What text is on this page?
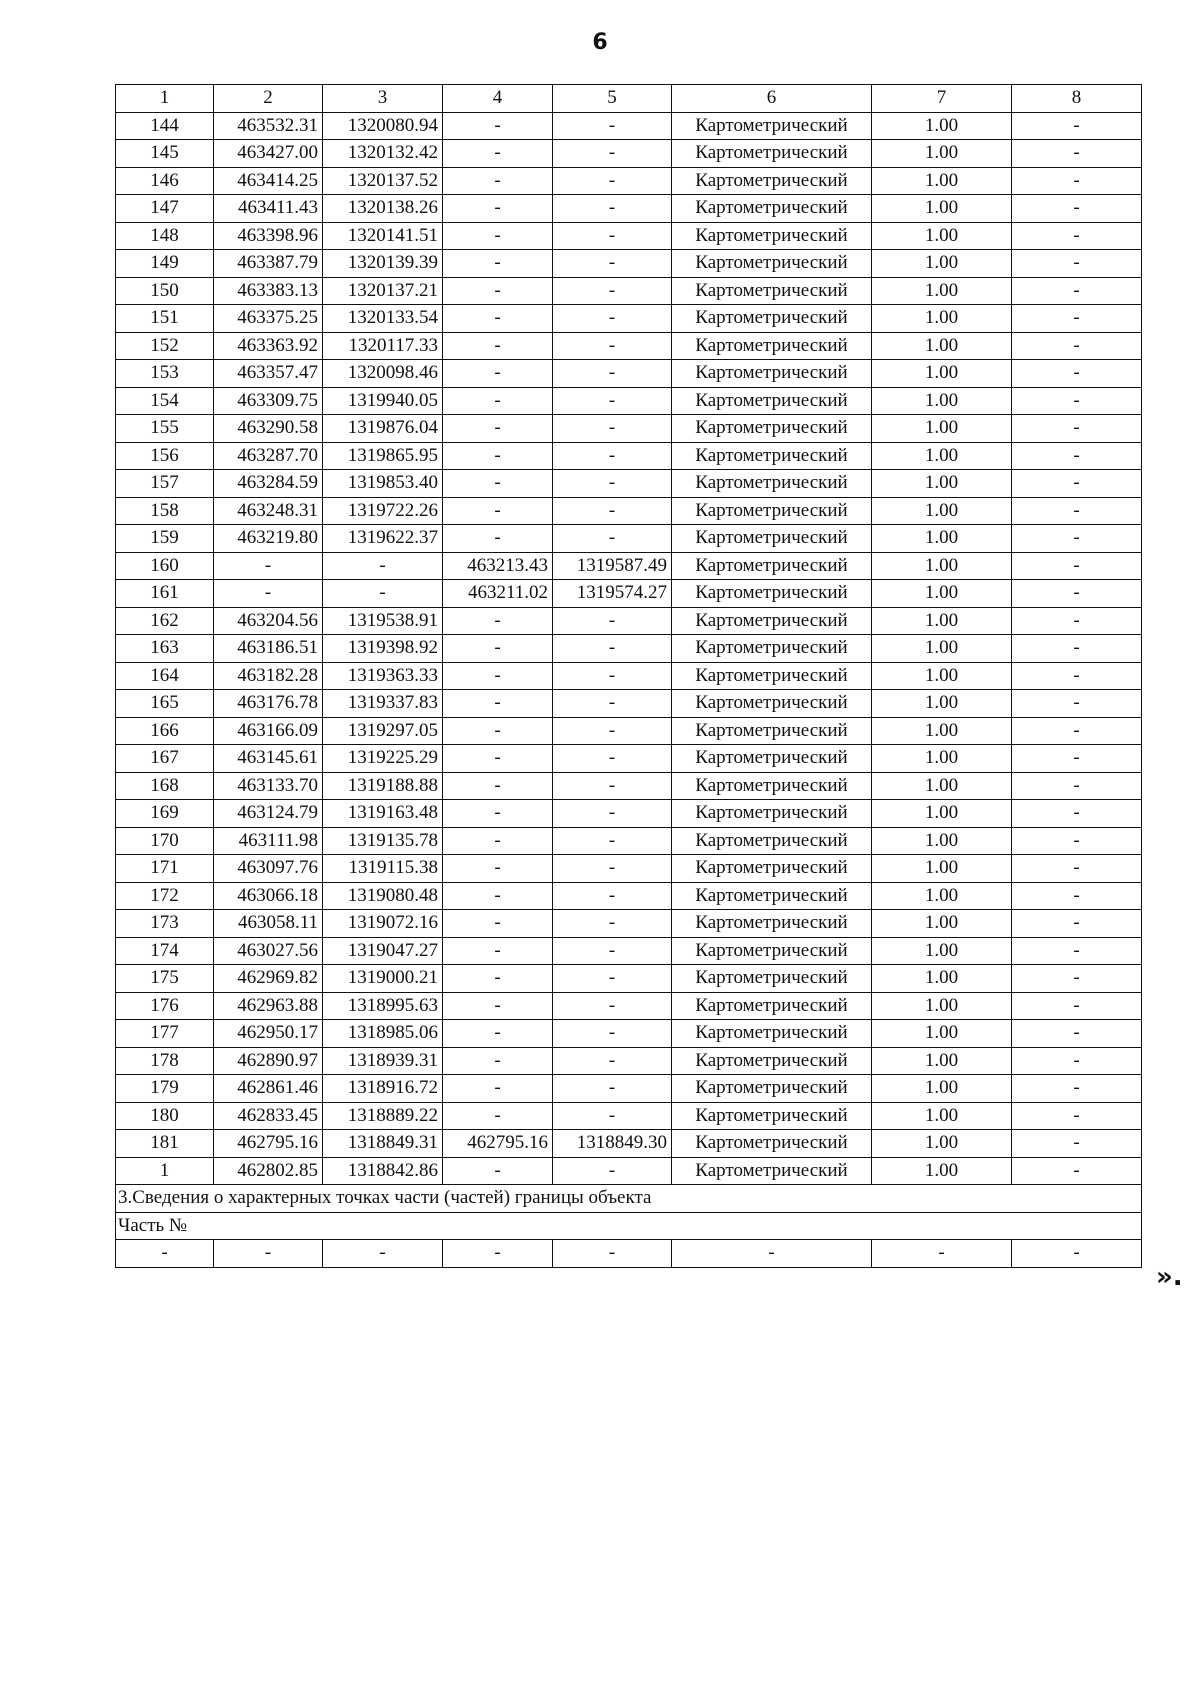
6
1	2	3	4	5	6	7	8
144	463532.31	1320080.94	-	-	Картометрический	1.00	-
145	463427.00	1320132.42	-	-	Картометрический	1.00	-
146	463414.25	1320137.52	-	-	Картометрический	1.00	-
147	463411.43	1320138.26	-	-	Картометрический	1.00	-
148	463398.96	1320141.51	-	-	Картометрический	1.00	-
149	463387.79	1320139.39	-	-	Картометрический	1.00	-
150	463383.13	1320137.21	-	-	Картометрический	1.00	-
151	463375.25	1320133.54	-	-	Картометрический	1.00	-
152	463363.92	1320117.33	-	-	Картометрический	1.00	-
153	463357.47	1320098.46	-	-	Картометрический	1.00	-
154	463309.75	1319940.05	-	-	Картометрический	1.00	-
155	463290.58	1319876.04	-	-	Картометрический	1.00	-
156	463287.70	1319865.95	-	-	Картометрический	1.00	-
157	463284.59	1319853.40	-	-	Картометрический	1.00	-
158	463248.31	1319722.26	-	-	Картометрический	1.00	-
159	463219.80	1319622.37	-	-	Картометрический	1.00	-
160	-	-	463213.43	1319587.49	Картометрический	1.00	-
161	-	-	463211.02	1319574.27	Картометрический	1.00	-
162	463204.56	1319538.91	-	-	Картометрический	1.00	-
163	463186.51	1319398.92	-	-	Картометрический	1.00	-
164	463182.28	1319363.33	-	-	Картометрический	1.00	-
165	463176.78	1319337.83	-	-	Картометрический	1.00	-
166	463166.09	1319297.05	-	-	Картометрический	1.00	-
167	463145.61	1319225.29	-	-	Картометрический	1.00	-
168	463133.70	1319188.88	-	-	Картометрический	1.00	-
169	463124.79	1319163.48	-	-	Картометрический	1.00	-
170	463111.98	1319135.78	-	-	Картометрический	1.00	-
171	463097.76	1319115.38	-	-	Картометрический	1.00	-
172	463066.18	1319080.48	-	-	Картометрический	1.00	-
173	463058.11	1319072.16	-	-	Картометрический	1.00	-
174	463027.56	1319047.27	-	-	Картометрический	1.00	-
175	462969.82	1319000.21	-	-	Картометрический	1.00	-
176	462963.88	1318995.63	-	-	Картометрический	1.00	-
177	462950.17	1318985.06	-	-	Картометрический	1.00	-
178	462890.97	1318939.31	-	-	Картометрический	1.00	-
179	462861.46	1318916.72	-	-	Картометрический	1.00	-
180	462833.45	1318889.22	-	-	Картометрический	1.00	-
181	462795.16	1318849.31	462795.16	1318849.30	Картометрический	1.00	-
1	462802.85	1318842.86	-	-	Картометрический	1.00	-
3.Сведения о характерных точках части (частей) границы объекта							
Часть №							
-	-	-	-	-	-	-	-
».
